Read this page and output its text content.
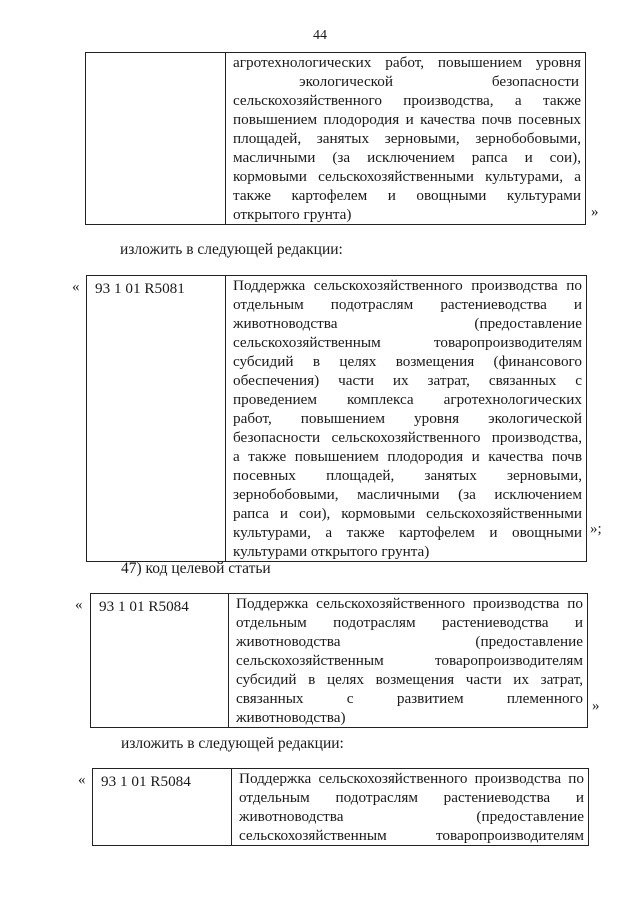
44

агротехнологических работ, повышением уровня
экологической безопасности
сельскохозяйственного производства, а также
повышением плодородия и качества почв посевных
площадей, занятых зерновыми, зернобобовыми,
масличными (за исключением рапса и сои),
кормовыми сельскохозяйственными культурами, а
также картофелем и овощными культурами
открытого грунта)	»
изложить в следующей редакции:
« 93 1 01 R5081	Поддержка сельскохозяйственного производства по
отдельным подотраслям растениеводства и
животноводства (предоставление
сельскохозяйственным товаропроизводителям
субсидий в целях возмещения (финансового
обеспечения) части их затрат, связанных с
проведением комплекса агротехнологических
работ, повышением уровня экологической
безопасности сельскохозяйственного производства,
а также повышением плодородия и качества почв
посевных площадей, занятых зерновыми,
зернобобовыми, масличными (за исключением
рапса и сои), кормовыми сельскохозяйственными
культурами, а также картофелем и овощными
культурами открытого грунта)
»;
47) код целевой статьи
« 93 1 01 R5084	Поддержка сельскохозяйственного производства по
отдельным подотраслям растениеводства и
животноводства (предоставление
сельскохозяйственным товаропроизводителям
субсидий в целях возмещения части их затрат,
связанных с развитием племенного
животноводства)
»
изложить в следующей редакции:
« 93 1 01 R5084	Поддержка сельскохозяйственного производства по
отдельным подотраслям растениеводства и
животноводства (предоставление
сельскохозяйственным товаропроизводителям
